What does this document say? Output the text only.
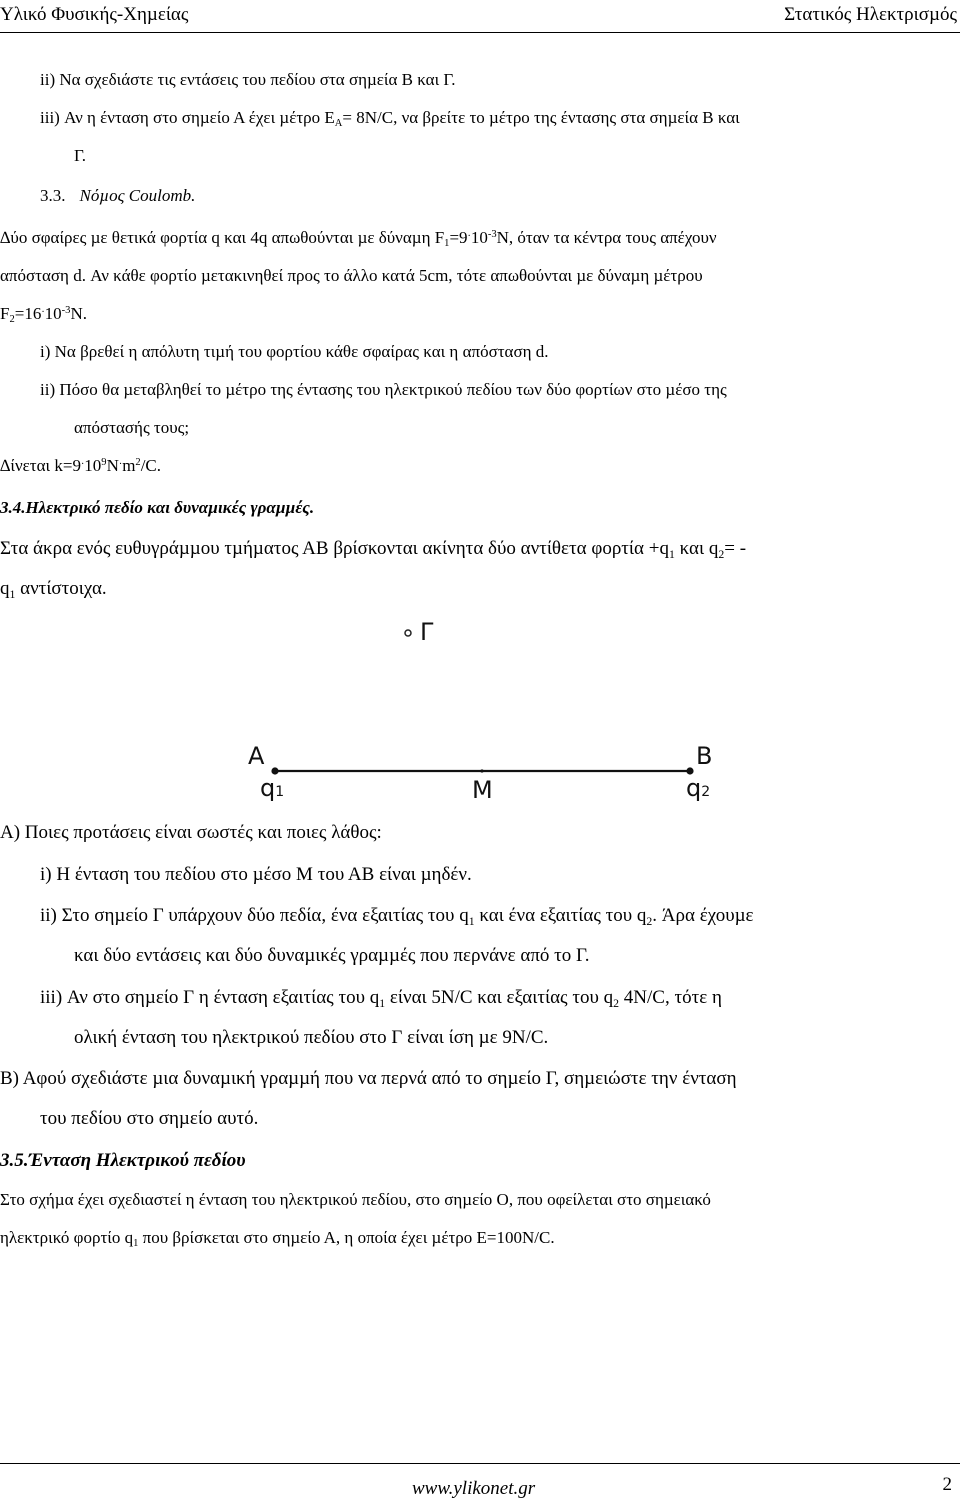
Υλικό Φυσικής-Χηµείας	Στατικός Ηλεκτρισµός
ii) Να σχεδιάστε τις εντάσεις του πεδίου στα σηµεία Β και Γ.
iii) Αν η ένταση στο σηµείο Α έχει µέτρο ΕΑ= 8Ν/C, να βρείτε το µέτρο της έντασης στα σηµεία Β και
Γ.
3.3. Νόµος Coulomb.
∆ύο σφαίρες µε θετικά φορτία q και 4q απωθούνται µε δύναµη $F1=9^\cdot 10^{-3}N$, όταν τα κέντρα τους απέχουν
απόσταση d. Αν κάθε φορτίο µετακινηθεί προς το άλλο κατά 5cm, τότε απωθούνται µε δύναµη µέτρου
$F2=16^\cdot 10^{-3}N$.
i) Να βρεθεί η απόλυτη τιµή του φορτίου κάθε σφαίρας και η απόσταση d.
ii) Πόσο θα µεταβληθεί το µέτρο της έντασης του ηλεκτρικού πεδίου των δύο φορτίων στο µέσο της
απόστασής τους;
∆ίνεται $k=9^\cdot 10^9N^\cdot m^2/C$.
3.4.Ηλεκτρικό πεδίο και δυναµικές γραµµές.
Στα άκρα ενός ευθυγράµµου τµήµατος ΑΒ βρίσκονται ακίνητα δύο αντίθετα φορτία +q1 και q2= -
q1 αντίστοιχα.
Γ
A	B
M
q1	q2
Α) Ποιες προτάσεις είναι σωστές και ποιες λάθος:
i) Η ένταση του πεδίου στο µέσο Μ του ΑΒ είναι µηδέν.
ii) Στο σηµείο Γ υπάρχουν δύο πεδία, ένα εξαιτίας του q1 και ένα εξαιτίας του q2. Άρα έχουµε
και δύο εντάσεις και δύο δυναµικές γραµµές που περνάνε από το Γ.
iii) Αν στο σηµείο Γ η ένταση εξαιτίας του q1 είναι 5Ν/C και εξαιτίας του q2 4Ν/C, τότε η
ολική ένταση του ηλεκτρικού πεδίου στο Γ είναι ίση µε 9Ν/C.
Β) Αφού σχεδιάστε µια δυναµική γραµµή που να περνά από το σηµείο Γ, σηµειώστε την ένταση
του πεδίου στο σηµείο αυτό.
3.5.Ένταση Ηλεκτρικού πεδίου
Στο σχήµα έχει σχεδιαστεί η ένταση του ηλεκτρικού πεδίου, στο σηµείο Ο, που οφείλεται στο σηµειακό
ηλεκτρικό φορτίο q1 που βρίσκεται στο σηµείο Α, η οποία έχει µέτρο Ε=100Ν/C.
www.ylikonet.gr	2
